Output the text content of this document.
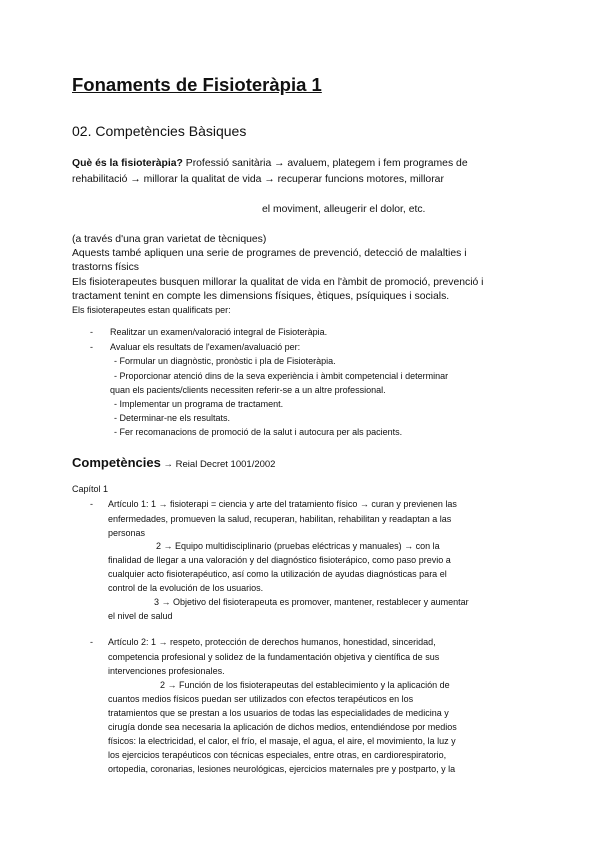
Fonaments de Fisioteràpia 1
02. Competències Bàsiques
Què és la fisioteràpia? Professió sanitària → avaluem, plategem i fem programes de
rehabilitació → millorar la qualitat de vida → recuperar funcions motores, millorar
el moviment, alleugerir el dolor, etc.
(a través d'una gran varietat de tècniques)
Aquests també apliquen una serie de programes de prevenció, detecció de malalties i
trastorns físics
Els fisioterapeutes busquen millorar la qualitat de vida en l'àmbit de promoció, prevenció i
tractament tenint en compte les dimensions físiques, ètiques, psíquiques i socials.
Els fisioterapeutes estan qualificats per:
- Realitzar un examen/valoració integral de Fisioteràpia.
- Avaluar els resultats de l'examen/avaluació per:
- Formular un diagnòstic, pronòstic i pla de Fisioteràpia.
- Proporcionar atenció dins de la seva experiència i àmbit competencial i determinar
quan els pacients/clients necessiten referir-se a un altre professional.
- Implementar un programa de tractament.
- Determinar-ne els resultats.
- Fer recomanacions de promoció de la salut i autocura per als pacients.
Competències → Reial Decret 1001/2002
Capítol 1
- Artículo 1: 1 → fisioterapi = ciencia y arte del tratamiento físico → curan y previenen las
enfermedades, promueven la salud, recuperan, habilitan, rehabilitan y readaptan a las
personas
2 → Equipo multidisciplinario (pruebas eléctricas y manuales) → con la
finalidad de llegar a una valoración y del diagnóstico fisioterápico, como paso previo a
cualquier acto fisioterapéutico, así como la utilización de ayudas diagnósticas para el
control de la evolución de los usuarios.
3 → Objetivo del fisioterapeuta es promover, mantener, restablecer y aumentar
el nivel de salud
- Artículo 2: 1 → respeto, protección de derechos humanos, honestidad, sinceridad,
competencia profesional y solidez de la fundamentación objetiva y científica de sus
intervenciones profesionales.
2 → Función de los fisioterapeutas del establecimiento y la aplicación de
cuantos medios físicos puedan ser utilizados con efectos terapéuticos en los
tratamientos que se prestan a los usuarios de todas las especialidades de medicina y
cirugía donde sea necesaria la aplicación de dichos medios, entendiéndose por medios
físicos: la electricidad, el calor, el frío, el masaje, el agua, el aire, el movimiento, la luz y
los ejercicios terapéuticos con técnicas especiales, entre otras, en cardiorespiratorio,
ortopedia, coronarias, lesiones neurológicas, ejercicios maternales pre y postparto, y la
